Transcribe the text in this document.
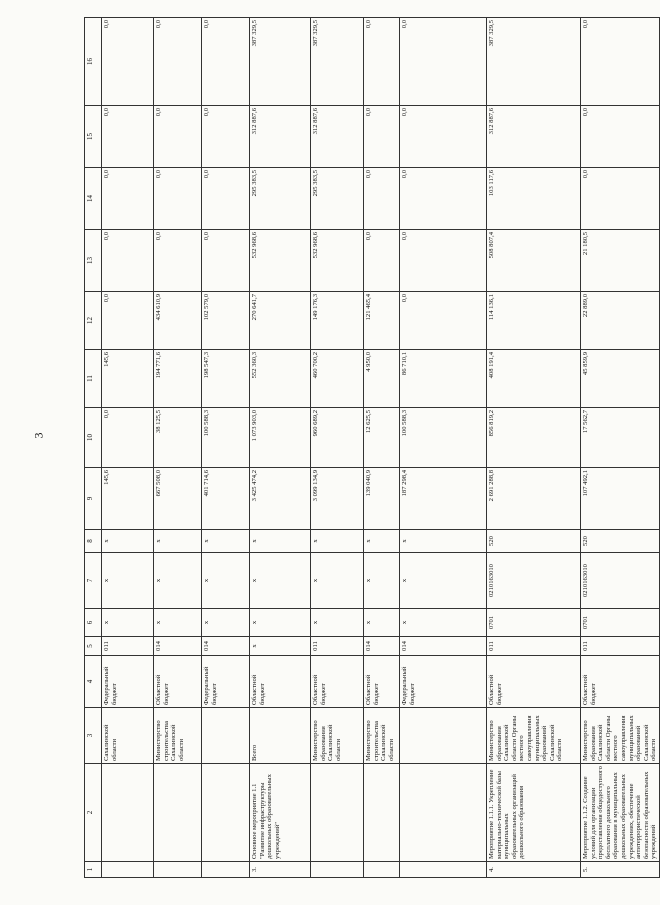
3
1	2	3	4	5	6	7	8	9	10	11	12	13	14	15	16
		Сахалинской области	Федеральный бюджет	011	x	x	x	145,6	0,0	145,6	0,0	0,0	0,0	0,0	0,0
		Министерство строительства Сахалинской области	Областной бюджет	014	x	x	x	667 508,0	38 125,5	194 771,6	434 610,9	0,0	0,0	0,0	0,0
			Федеральный бюджет	014	x	x	x	401 714,6	100 588,3	198 547,3	102 579,0	0,0	0,0	0,0	0,0
3.	Основное мероприятие 1.1 "Развитие инфраструктуры дошкольных образовательных учреждений"	Всего	Областной бюджет	x	x	x	x	3 425 474,2	1 073 903,0	552 360,3	270 641,7	532 968,6	295 383,5	312 887,6	387 329,5
		Министерство образования Сахалинской области	Областной бюджет	011	x	x	x	3 099 134,9	960 689,2	460 700,2	149 176,3	532 968,6	295 383,5	312 887,6	387 329,5
		Министерство строительства Сахалинской области	Областной бюджет	014	x	x	x	139 040,9	12 625,5	4 950,0	121 465,4	0,0	0,0	0,0	0,0
			Федеральный бюджет	014	x	x	x	187 298,4	100 588,3	86 710,1	0,0	0,0	0,0	0,0	0,0
4.	Мероприятие 1.1.1. Укрепление материально-технической базы муниципальных образовательных организаций дошкольного образования	Министерство образования Сахалинской области Органы местного самоуправления муниципальных образований Сахалинской области	Областной бюджет	011	0701	0210163010	520	2 691 288,8	856 819,2	408 191,4	114 136,1	508 807,4	103 117,6	312 887,6	387 329,5
5.	Мероприятие 1.1.2. Создание условий для организации предоставления общедоступного бесплатного дошкольного образования в муниципальных дошкольных образовательных учреждениях, обеспечение антитеррористической безопасности образовательных учреждений	Министерство образования Сахалинской области Органы местного самоуправления муниципальных образований Сахалинской области	Областной бюджет	011	0701	0210163010	520	107 492,1	17 562,7	45 859,9	22 889,0	21 180,5	0,0	0,0	0,0
